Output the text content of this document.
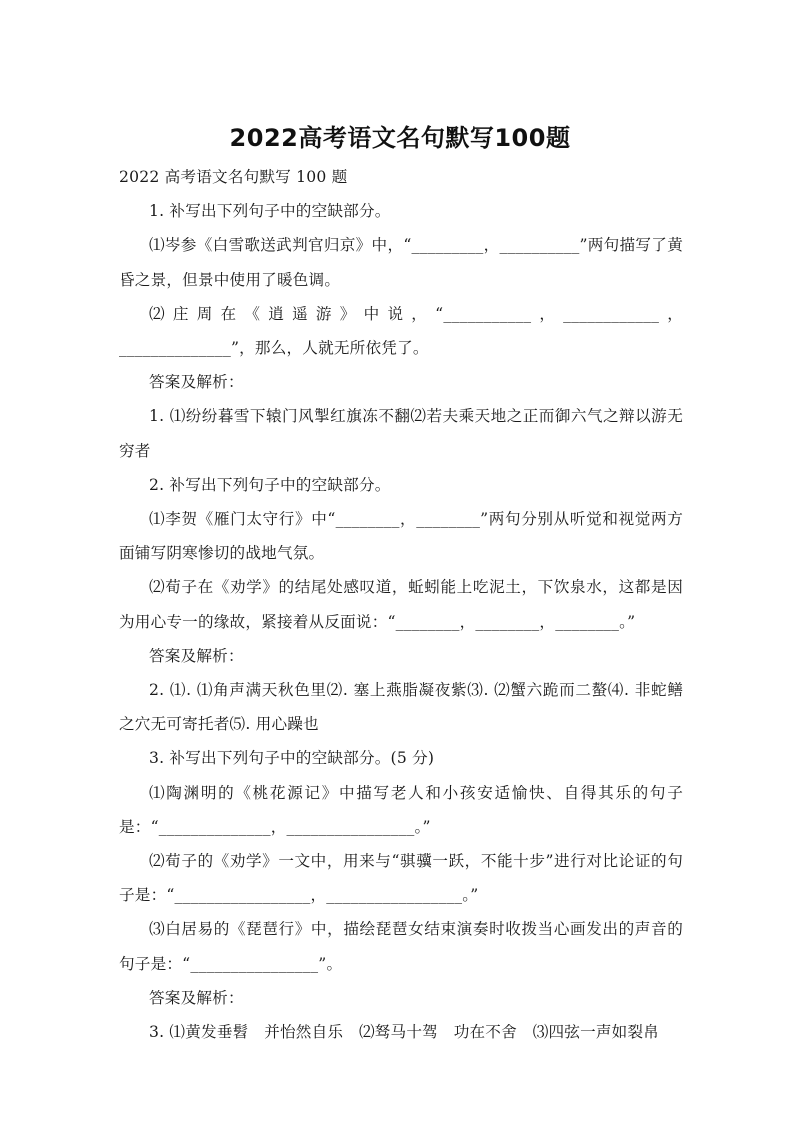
2022高考语文名句默写100题

2022 高考语文名句默写 100 题

1. 补写出下列句子中的空缺部分。

⑴岑参《白雪歌送武判官归京》中，“_________，__________”两句描写了黄昏之景，但景中使用了暖色调。

⑵庄周在《逍遥游》中说，“___________，____________，______________”，那么，人就无所依凭了。

答案及解析：

1. ⑴纷纷暮雪下辕门风掣红旗冻不翻⑵若夫乘天地之正而御六气之辩以游无穷者

2. 补写出下列句子中的空缺部分。

⑴李贺《雁门太守行》中“________，________”两句分别从听觉和视觉两方面铺写阴寒惨切的战地气氛。

⑵荀子在《劝学》的结尾处感叹道，蚯蚓能上吃泥土，下饮泉水，这都是因为用心专一的缘故，紧接着从反面说：“________，________，________。”

答案及解析：

2. ⑴. ⑴角声满天秋色里⑵. 塞上燕脂凝夜紫⑶. ⑵蟹六跪而二螯⑷. 非蛇鳝之穴无可寄托者⑸. 用心躁也

3. 补写出下列句子中的空缺部分。(5 分)

⑴陶渊明的《桃花源记》中描写老人和小孩安适愉快、自得其乐的句子是：“______________，________________。”

⑵荀子的《劝学》一文中，用来与“骐骥一跃，不能十步”进行对比论证的句子是：“_________________，_________________。”

⑶白居易的《琵琶行》中，描绘琵琶女结束演奏时收拨当心画发出的声音的句子是：“________________”。

答案及解析：

3. ⑴黄发垂髫　并怡然自乐　⑵驽马十驾　功在不舍　⑶四弦一声如裂帛
